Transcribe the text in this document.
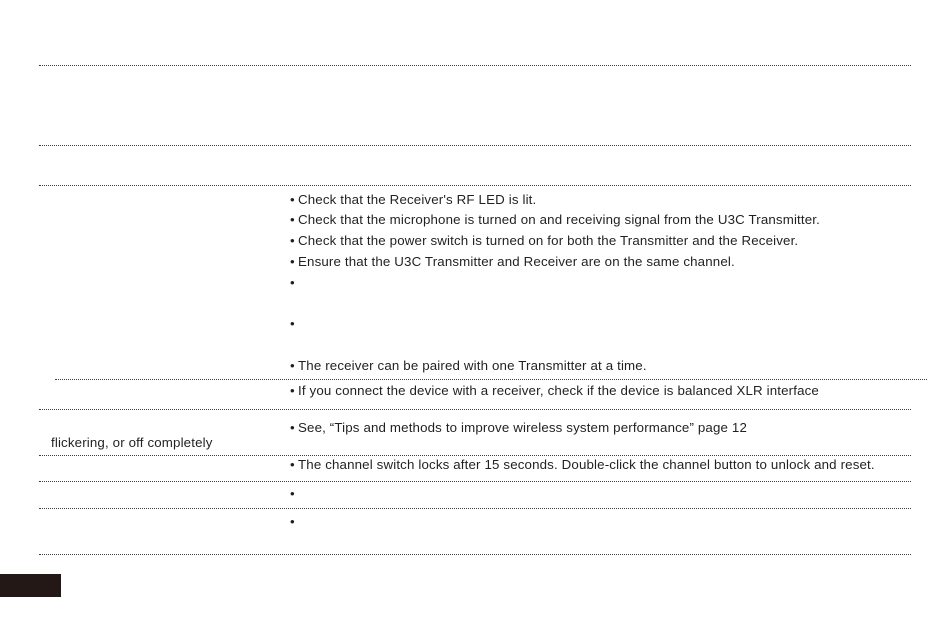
• Check that the Receiver's RF LED is lit.
• Check that the microphone is turned on and receiving signal from the U3C Transmitter.
• Check that the power switch is turned on for both the Transmitter and the Receiver.
• Ensure that the U3C Transmitter and Receiver are on the same channel.
•
•
• The receiver can be paired with one Transmitter at a time.
• If you connect the device with a receiver, check if the device is balanced XLR interface
• See, “Tips and methods to improve wireless system performance” page 12
• The channel switch locks after 15 seconds. Double-click the channel button to unlock and reset.
•
•
flickering, or off completely
